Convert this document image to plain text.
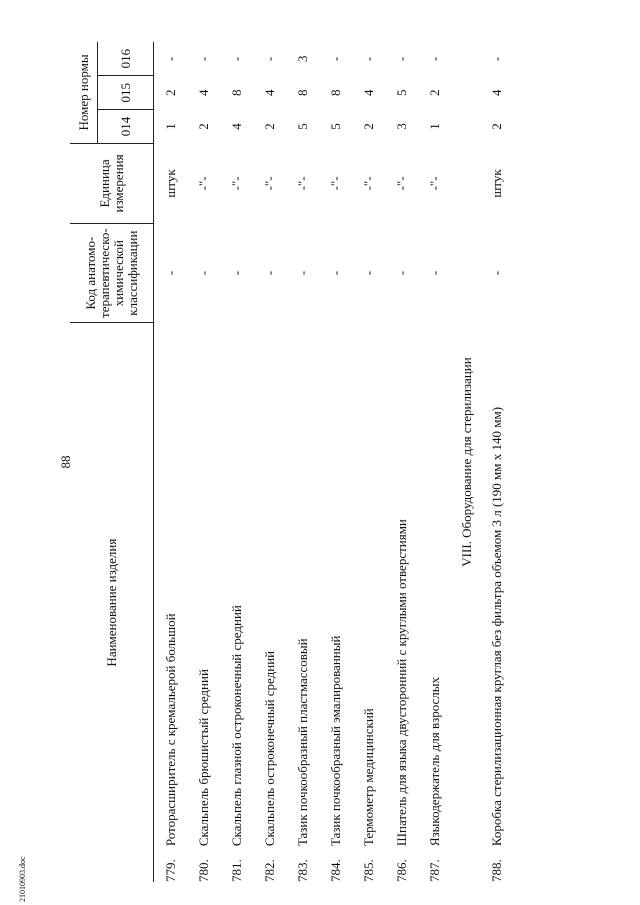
88
21010903.doc
Наименование изделия		Код анатомо-терапевтическо-химической классификации	Единица измерения	Номер нормы		
				014	015	016
779.	Роторасширитель с кремальерой большой	-	штук	1	2	-
780.	Скальпель брюшистый средний	-	-"-	2	4	-
781.	Скальпель глазной остроконечный средний	-	-"-	4	8	-
782.	Скальпель остроконечный средний	-	-"-	2	4	-
783.	Тазик почкообразный пластмассовый	-	-"-	5	8	3
784.	Тазик почкообразный эмалированный	-	-"-	5	8	-
785.	Термометр медицинский	-	-"-	2	4	-
786.	Шпатель для языка двусторонний с круглыми отверстиями	-	-"-	3	5	-
787.	Языкодержатель для взрослых	-	-"-	1	2	-
VIII. Оборудование для стерилизации						
788.	Коробка стерилизационная круглая без фильтра объемом 3 л (190 мм х 140 мм)	-	штук	2	4	-
